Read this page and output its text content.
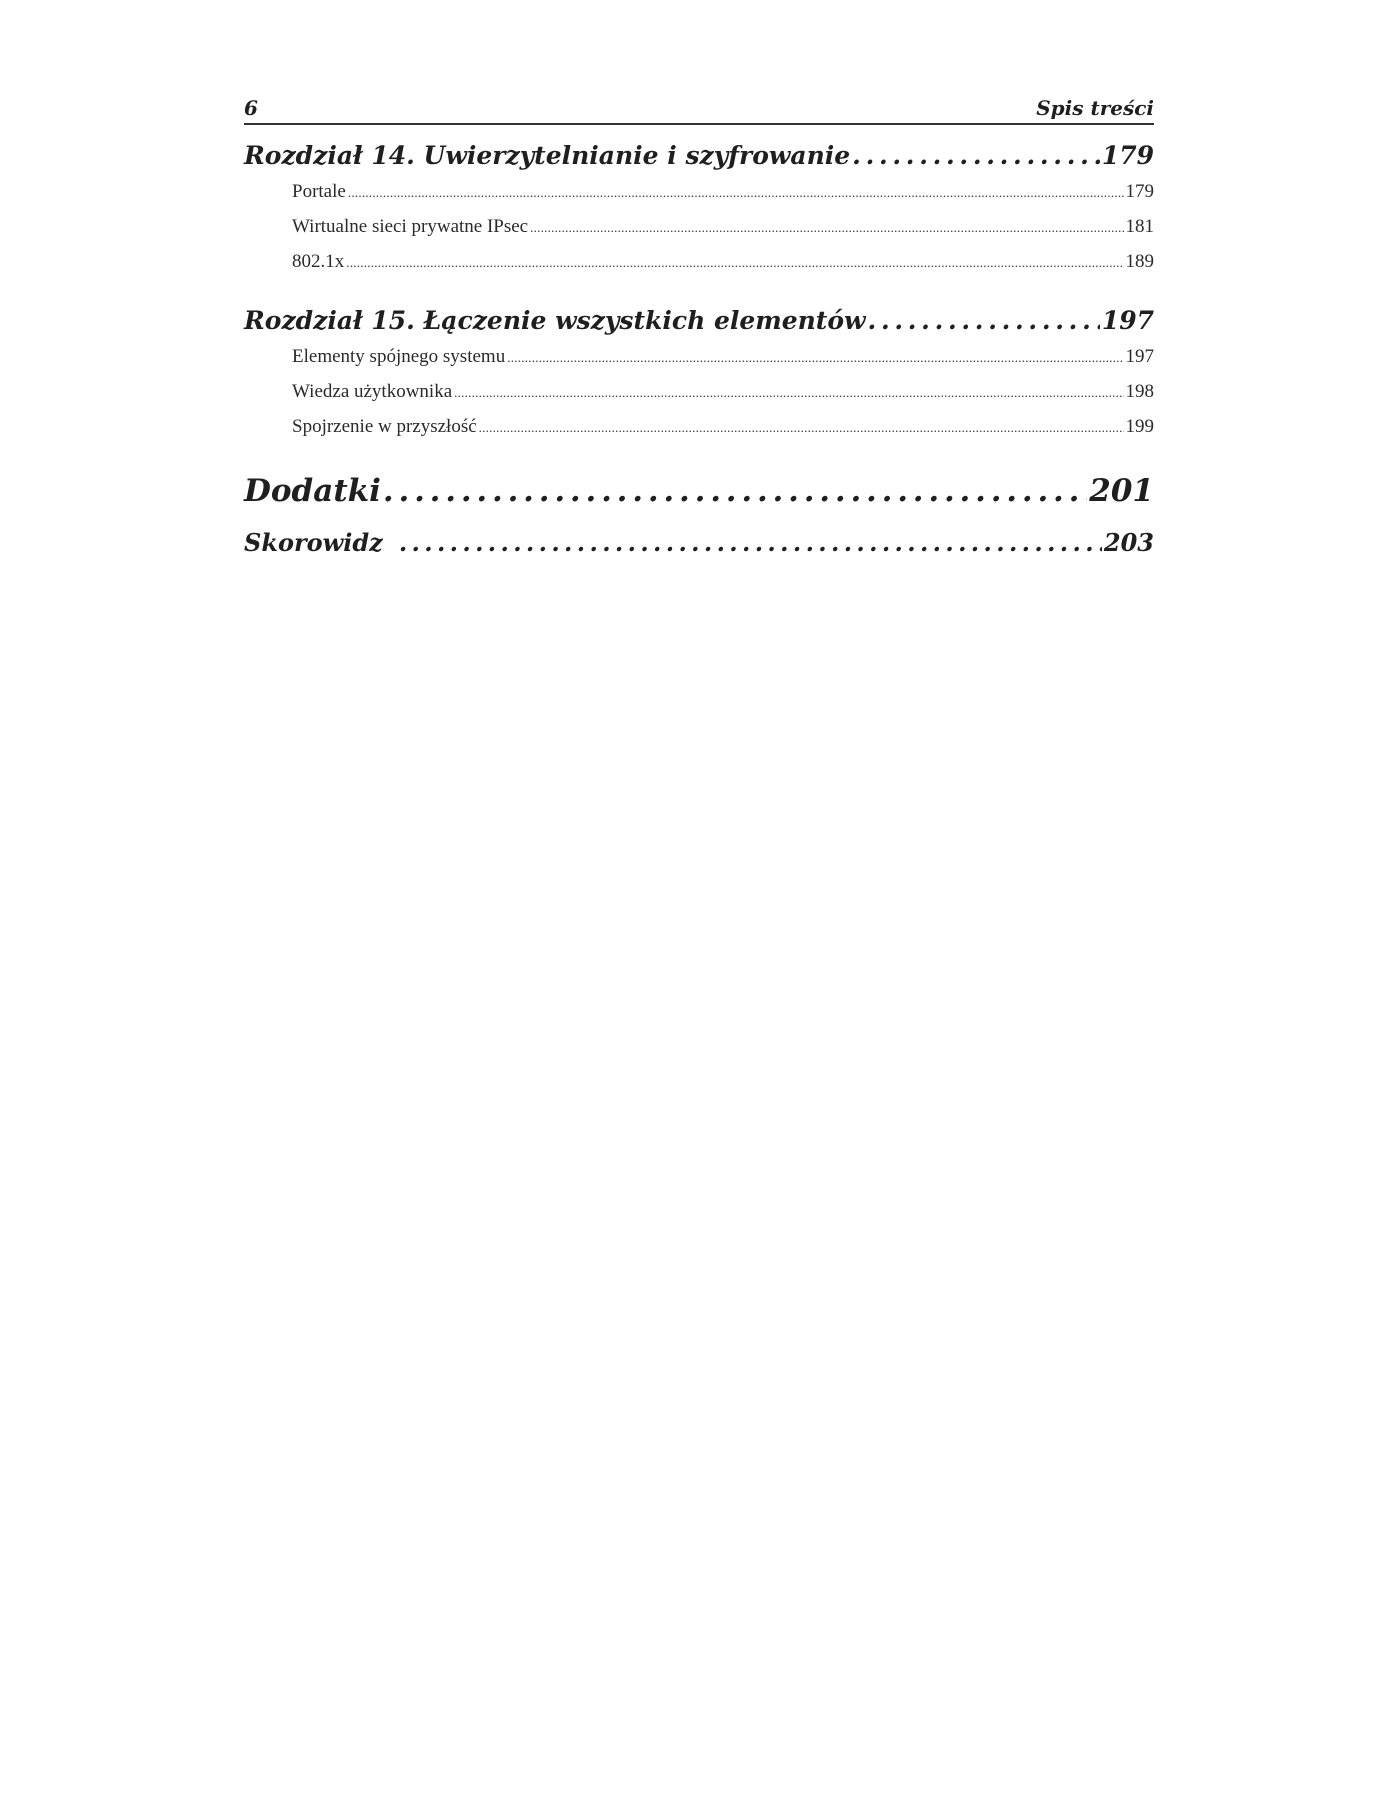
6	Spis treści
Rozdział 14. Uwierzytelnianie i szyfrowanie . . .	179
Portale . . .	179
Wirtualne sieci prywatne IPsec . . .	181
802.1x . . .	189
Rozdział 15. Łączenie wszystkich elementów . . .	197
Elementy spójnego systemu . . .	197
Wiedza użytkownika . . .	198
Spojrzenie w przyszłość . . .	199
Dodatki . . .	201
Skorowidz . . .	203
